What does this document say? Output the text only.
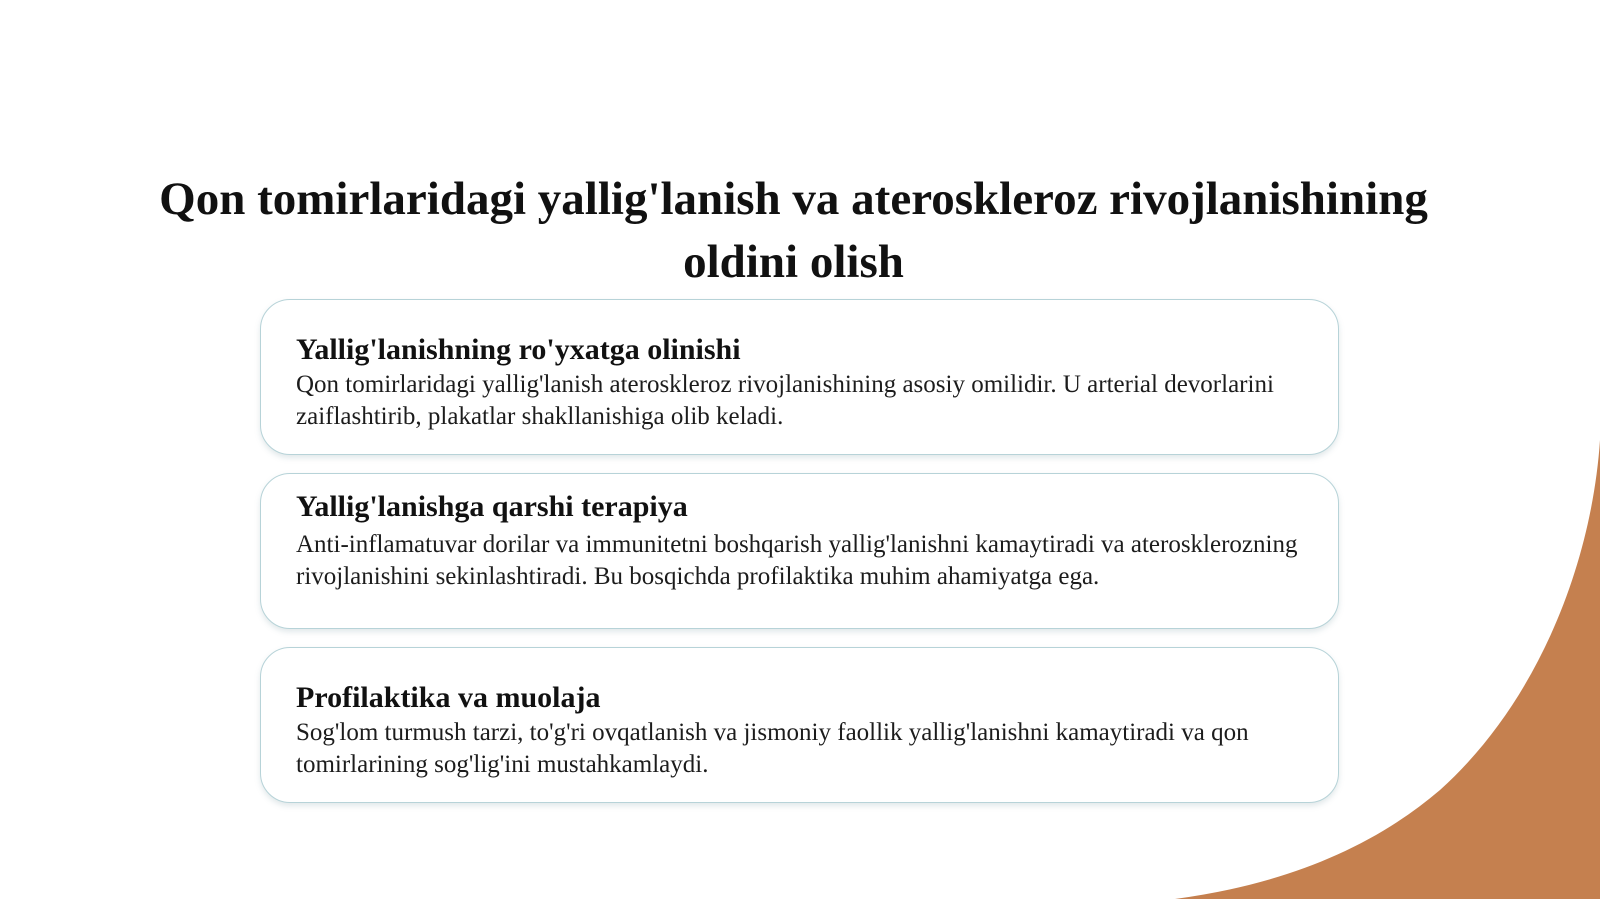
Qon tomirlaridagi yallig'lanish va ateroskleroz rivojlanishining oldini olish
Yallig'lanishning ro'yxatga olinishi

Qon tomirlaridagi yallig'lanish ateroskleroz rivojlanishining asosiy omilidir. U arterial devorlarini zaiflashtirib, plakatlar shakllanishiga olib keladi.

Yallig'lanishga qarshi terapiya

Anti-inflamatuvar dorilar va immunitetni boshqarish yallig'lanishni kamaytiradi va aterosklerozning rivojlanishini sekinlashtiradi. Bu bosqichda profilaktika muhim ahamiyatga ega.

Profilaktika va muolaja

Sog'lom turmush tarzi, to'g'ri ovqatlanish va jismoniy faollik yallig'lanishni kamaytiradi va qon tomirlarining sog'lig'ini mustahkamlaydi.
